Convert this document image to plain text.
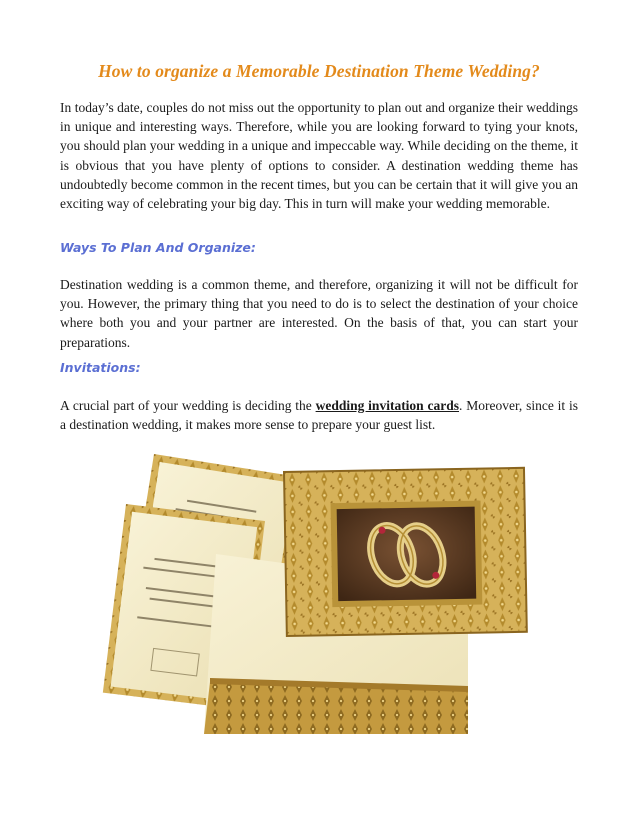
How to organize a Memorable Destination Theme Wedding?

In today’s date, couples do not miss out the opportunity to plan out and organize their weddings in unique and interesting ways. Therefore, while you are looking forward to tying your knots, you should plan your wedding in a unique and impeccable way. While deciding on the theme, it is obvious that you have plenty of options to consider. A destination wedding theme has undoubtedly become common in the recent times, but you can be certain that it will give you an exciting way of celebrating your big day. This in turn will make your wedding memorable.

Ways To Plan And Organize:

Destination wedding is a common theme, and therefore, organizing it will not be difficult for you. However, the primary thing that you need to do is to select the destination of your choice where both you and your partner are interested. On the basis of that, you can start your preparations.

Invitations:

A crucial part of your wedding is deciding the wedding invitation cards. Moreover, since it is a destination wedding, it makes more sense to prepare your guest list.
